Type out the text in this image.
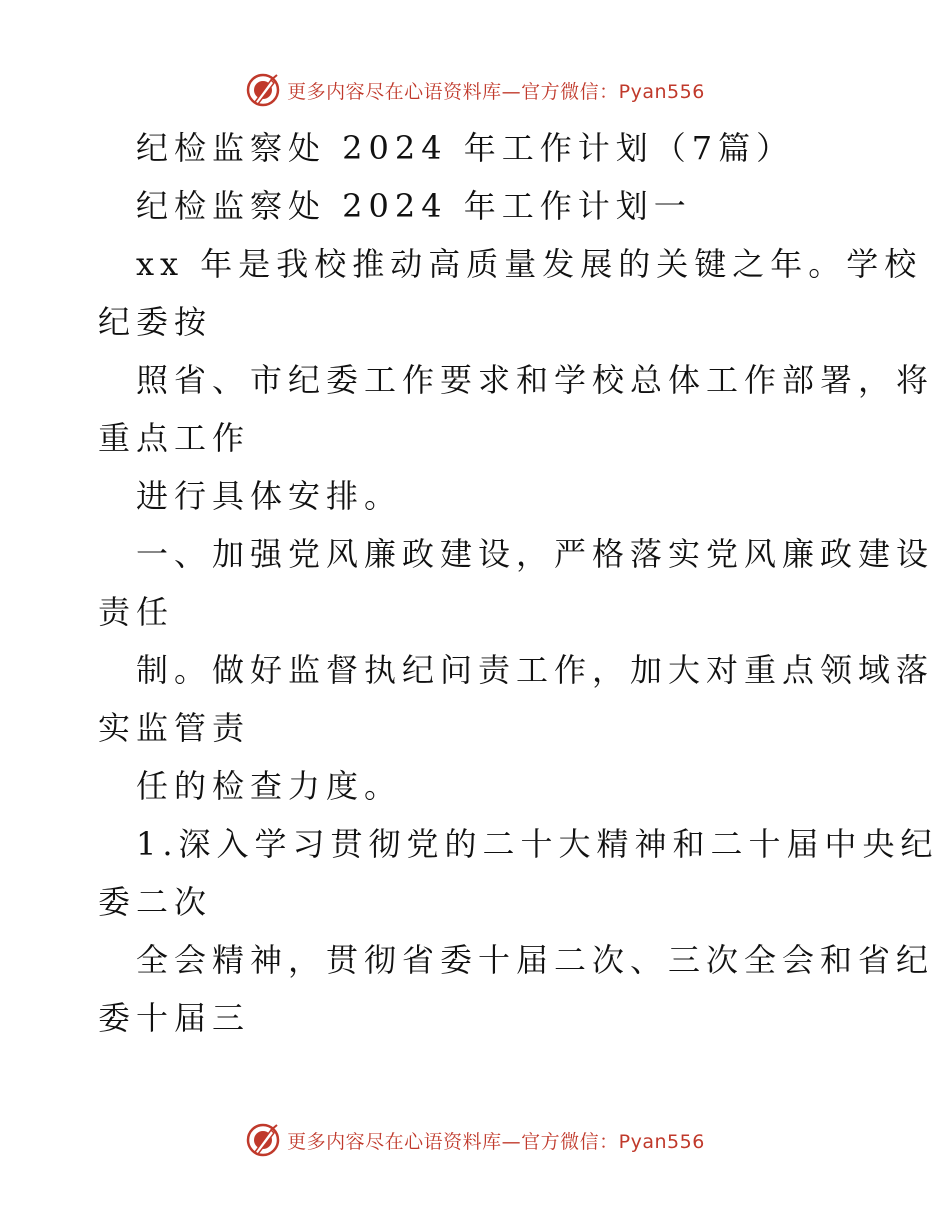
更多内容尽在心语资料库—官方微信：Pyan556
纪检监察处 2024 年工作计划（7篇）
纪检监察处 2024 年工作计划一
xx 年是我校推动高质量发展的关键之年。学校
纪委按
照省、市纪委工作要求和学校总体工作部署，将
重点工作
进行具体安排。
一、加强党风廉政建设，严格落实党风廉政建设
责任
制。做好监督执纪问责工作，加大对重点领域落
实监管责
任的检查力度。
1.深入学习贯彻党的二十大精神和二十届中央纪
委二次
全会精神，贯彻省委十届二次、三次全会和省纪
委十届三
更多内容尽在心语资料库—官方微信：Pyan556
